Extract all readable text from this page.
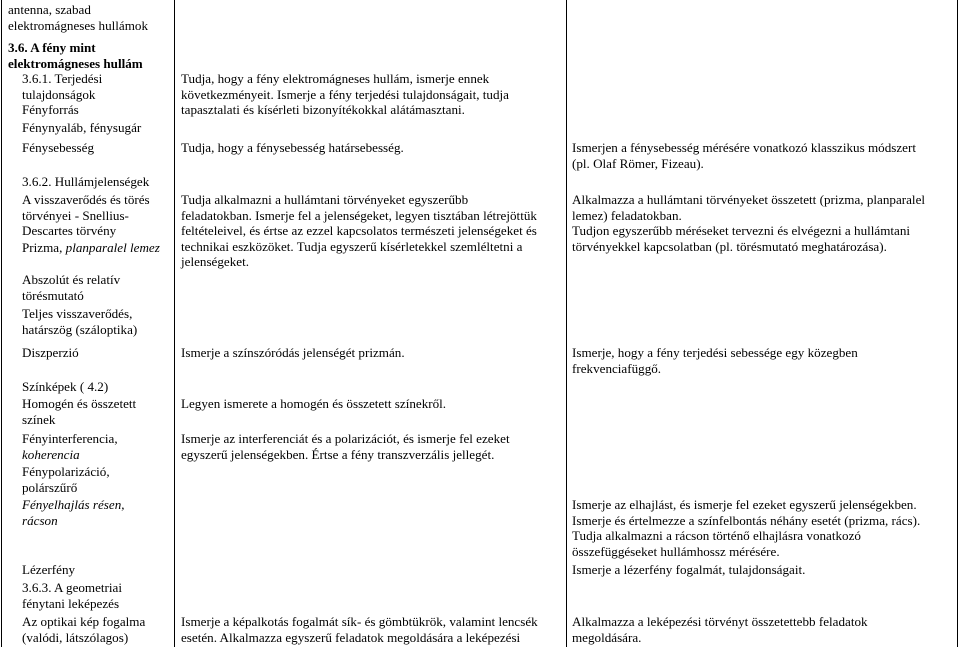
antenna, szabad
elektromágneses hullámok
3.6. A fény mint
elektromágneses hullám
3.6.1. Terjedési
tulajdonságok
Fényforrás
Fénynyaláb, fénysugár
Fénysebesség
3.6.2. Hullámjelenségek
A visszaverődés és törés
törvényei - Snellius-
Descartes törvény
Prizma, planparalel lemez
Abszolút és relatív
törésmutató
Teljes visszaverődés,
határszög (száloptika)
Diszperzió
Színképek ( 4.2)
Homogén és összetett
színek
Fényinterferencia,
koherencia
Fénypolarizáció,
polárszűrő
Fényelhajlás résen,
rácson
Lézerfény
3.6.3. A geometriai
fénytani leképezés
Az optikai kép fogalma
(valódi, látszólagos)
Tudja, hogy a fény elektromágneses hullám, ismerje ennek
következményeit. Ismerje a fény terjedési tulajdonságait, tudja
tapasztalati és kísérleti bizonyítékokkal alátámasztani.
Tudja, hogy a fénysebesség határsebesség.
Tudja alkalmazni a hullámtani törvényeket egyszerűbb
feladatokban. Ismerje fel a jelenségeket, legyen tisztában létrejöttük
feltételeivel, és értse az ezzel kapcsolatos természeti jelenségeket és
technikai eszközöket. Tudja egyszerű kísérletekkel szemléltetni a
jelenségeket.
Ismerje a színszóródás jelenségét prizmán.
Legyen ismerete a homogén és összetett színekről.
Ismerje az interferenciát és a polarizációt, és ismerje fel ezeket
egyszerű jelenségekben. Értse a fény transzverzális jellegét.
Ismerje a képalkotás fogalmát sík- és gömbtükrök, valamint lencsék
esetén. Alkalmazza egyszerű feladatok megoldására a leképezési
Ismerjen a fénysebesség mérésére vonatkozó klasszikus módszert
(pl. Olaf Römer, Fizeau).
Alkalmazza a hullámtani törvényeket összetett (prizma, planparalel
lemez) feladatokban.
Tudjon egyszerűbb méréseket tervezni és elvégezni a hullámtani
törvényekkel kapcsolatban (pl. törésmutató meghatározása).
Ismerje, hogy a fény terjedési sebessége egy közegben
frekvenciafüggő.
Ismerje az elhajlást, és ismerje fel ezeket egyszerű jelenségekben.
Ismerje és értelmezze a színfelbontás néhány esetét (prizma, rács).
Tudja alkalmazni a rácson történő elhajlásra vonatkozó
összefüggéseket hullámhossz mérésére.
Ismerje a lézerfény fogalmát, tulajdonságait.
Alkalmazza a leképezési törvényt összetettebb feladatok
megoldására.
